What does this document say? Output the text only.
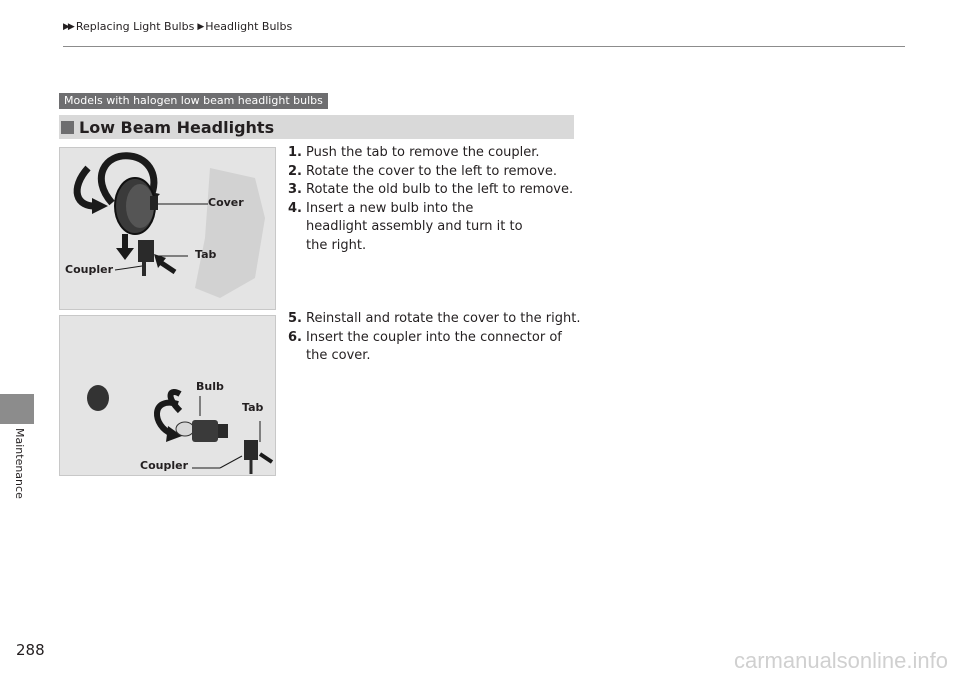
▶▶ Replacing Light Bulbs ▶ Headlight Bulbs
Maintenance
288
Models with halogen low beam headlight bulbs
Low Beam Headlights
Cover
Tab
Coupler
Bulb
Tab
Coupler
1. Push the tab to remove the coupler.
2. Rotate the cover to the left to remove.
3. Rotate the old bulb to the left to remove.
4. Insert a new bulb into the headlight assembly and turn it to the right.
5. Reinstall and rotate the cover to the right.
6. Insert the coupler into the connector of the cover.
carmanualsonline.info
